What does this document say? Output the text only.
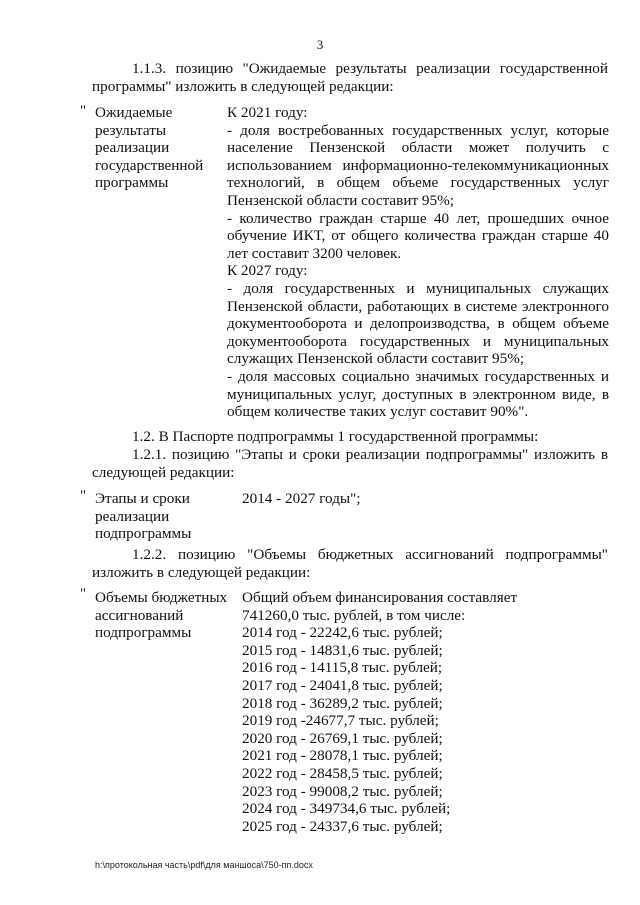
3
1.1.3. позицию "Ожидаемые результаты реализации государственной программы" изложить в следующей редакции:
" Ожидаемые результаты реализации государственной программы
К 2021 году:
- доля востребованных государственных услуг, которые население Пензенской области может получить с использованием информационно-телекоммуникационных технологий, в общем объеме государственных услуг Пензенской области составит 95%;
- количество граждан старше 40 лет, прошедших очное обучение ИКТ, от общего количества граждан старше 40 лет составит 3200 человек.
К 2027 году:
- доля государственных и муниципальных служащих Пензенской области, работающих в системе электронного документооборота и делопроизводства, в общем объеме документооборота государственных и муниципальных служащих Пензенской области составит 95%;
- доля массовых социально значимых государственных и муниципальных услуг, доступных в электронном виде, в общем количестве таких услуг составит 90%".
1.2. В Паспорте подпрограммы 1 государственной программы:
1.2.1. позицию "Этапы и сроки реализации подпрограммы" изложить в следующей редакции:
" Этапы и сроки реализации подпрограммы
2014 - 2027 годы";
1.2.2. позицию "Объемы бюджетных ассигнований подпрограммы" изложить в следующей редакции:
" Объемы бюджетных ассигнований подпрограммы
Общий объем финансирования составляет
741260,0 тыс. рублей, в том числе:
2014 год - 22242,6 тыс. рублей;
2015 год - 14831,6 тыс. рублей;
2016 год - 14115,8 тыс. рублей;
2017 год - 24041,8 тыс. рублей;
2018 год - 36289,2 тыс. рублей;
2019 год -24677,7 тыс. рублей;
2020 год - 26769,1 тыс. рублей;
2021 год - 28078,1 тыс. рублей;
2022 год - 28458,5 тыс. рублей;
2023 год - 99008,2 тыс. рублей;
2024 год - 349734,6 тыс. рублей;
2025 год - 24337,6 тыс. рублей;
h:\протокольная часть\pdf\для маншоса\750-пп.docx
